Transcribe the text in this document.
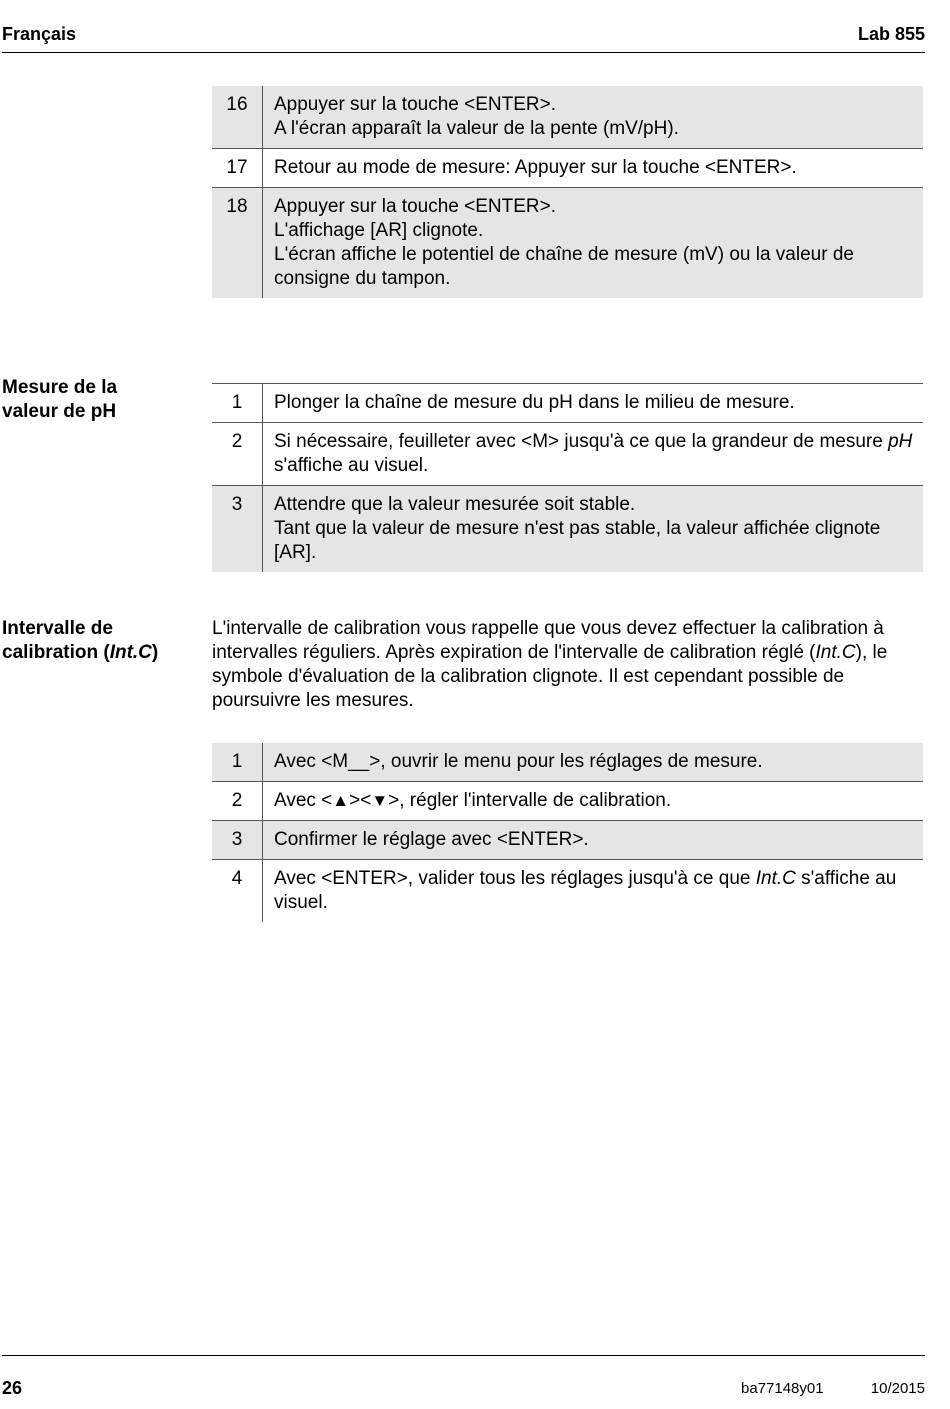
Français	Lab 855
16	Appuyer sur la touche <ENTER>.
A l'écran apparaît la valeur de la pente (mV/pH).

17	Retour au mode de mesure: Appuyer sur la touche <ENTER>.

18	Appuyer sur la touche <ENTER>.
L'affichage [AR] clignote.
L'écran affiche le potentiel de chaîne de mesure (mV) ou la valeur de consigne du tampon.
Mesure de la
valeur de pH	1	Plonger la chaîne de mesure du pH dans le milieu de mesure.
2	Si nécessaire, feuilleter avec <M> jusqu'à ce que la grandeur de mesure pH s'affiche au visuel.
3	Attendre que la valeur mesurée soit stable.
Tant que la valeur de mesure n'est pas stable, la valeur affichée clignote [AR].
Intervalle de
calibration (Int.C)
L'intervalle de calibration vous rappelle que vous devez effectuer la calibration à intervalles réguliers. Après expiration de l'intervalle de calibration réglé (Int.C), le symbole d'évaluation de la calibration clignote. Il est cependant possible de poursuivre les mesures.
1	Avec <M__>, ouvrir le menu pour les réglages de mesure.
2	Avec <▲><▼>, régler l'intervalle de calibration.
3	Confirmer le réglage avec <ENTER>.
4	Avec <ENTER>, valider tous les réglages jusqu'à ce que Int.C s'affiche au visuel.
26	ba77148y01	10/2015
